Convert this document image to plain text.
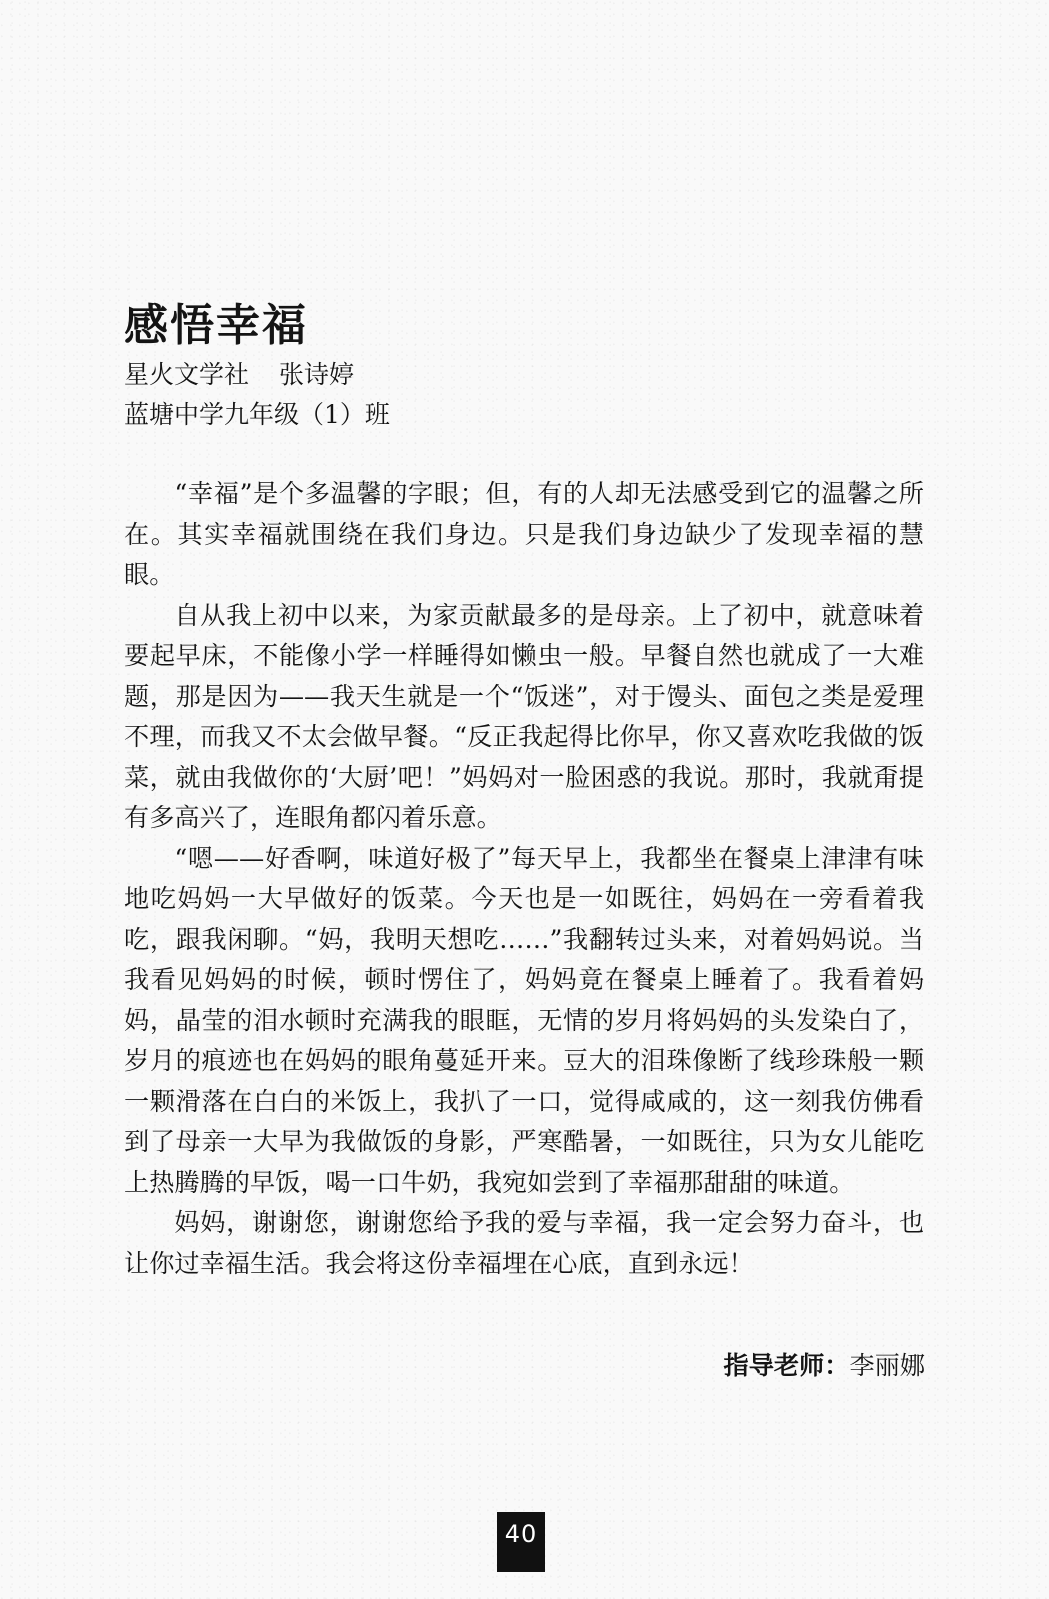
感悟幸福
星火文学社 张诗婷
蓝塘中学九年级（1）班

“幸福”是个多温馨的字眼；但，有的人却无法感受到它的温馨之所在。其实幸福就围绕在我们身边。只是我们身边缺少了发现幸福的慧眼。

自从我上初中以来，为家贡献最多的是母亲。上了初中，就意味着要起早床，不能像小学一样睡得如懒虫一般。早餐自然也就成了一大难题，那是因为——我天生就是一个“饭迷”，对于馒头、面包之类是爱理不理，而我又不太会做早餐。“反正我起得比你早，你又喜欢吃我做的饭菜，就由我做你的‘大厨’吧！”妈妈对一脸困惑的我说。那时，我就甭提有多高兴了，连眼角都闪着乐意。

“嗯——好香啊，味道好极了”每天早上，我都坐在餐桌上津津有味地吃妈妈一大早做好的饭菜。今天也是一如既往，妈妈在一旁看着我吃，跟我闲聊。“妈，我明天想吃……”我翻转过头来，对着妈妈说。当我看见妈妈的时候，顿时愣住了，妈妈竟在餐桌上睡着了。我看着妈妈，晶莹的泪水顿时充满我的眼眶，无情的岁月将妈妈的头发染白了，岁月的痕迹也在妈妈的眼角蔓延开来。豆大的泪珠像断了线珍珠般一颗一颗滑落在白白的米饭上，我扒了一口，觉得咸咸的，这一刻我仿佛看到了母亲一大早为我做饭的身影，严寒酷暑，一如既往，只为女儿能吃上热腾腾的早饭，喝一口牛奶，我宛如尝到了幸福那甜甜的味道。

妈妈，谢谢您，谢谢您给予我的爱与幸福，我一定会努力奋斗，也让你过幸福生活。我会将这份幸福埋在心底，直到永远！

指导老师：李丽娜
40
